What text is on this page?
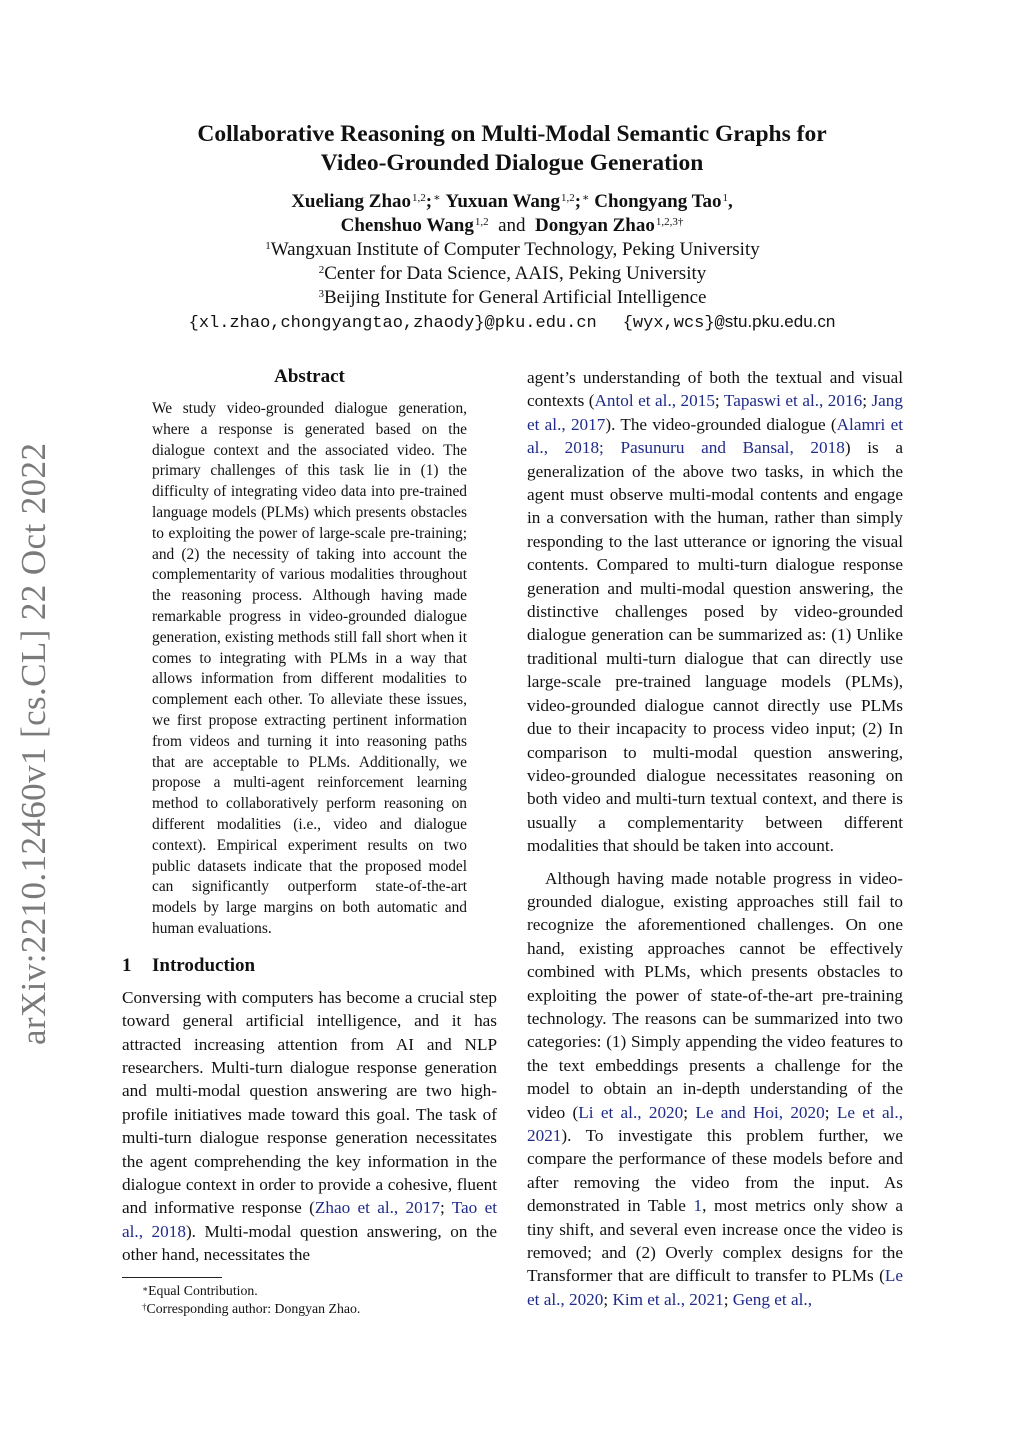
arXiv:2210.12460v1 [cs.CL] 22 Oct 2022
Collaborative Reasoning on Multi-Modal Semantic Graphs for
Video-Grounded Dialogue Generation
Xueliang Zhao$^{1,2}$;∗ Yuxuan Wang$^{1,2}$;∗ Chongyang Tao$^1$,
Chenshuo Wang$^{1,2}$ and Dongyan Zhao$^{1,2,3\dagger}$
$^1$Wangxuan Institute of Computer Technology, Peking University
$^2$Center for Data Science, AAIS, Peking University
$^3$Beijing Institute for General Artificial Intelligence
{xl.zhao,chongyangtao,zhaody}@pku.edu.cn {wyx,wcs}@stu.pku.edu.cn
Abstract

We study video-grounded dialogue generation, where a response is generated based on the dialogue context and the associated video. The primary challenges of this task lie in (1) the difficulty of integrating video data into pre-trained language models (PLMs) which presents obstacles to exploiting the power of large-scale pre-training; and (2) the necessity of taking into account the complementarity of various modalities throughout the reasoning process. Although having made remarkable progress in video-grounded dialogue generation, existing methods still fall short when it comes to integrating with PLMs in a way that allows information from different modalities to complement each other. To alleviate these issues, we first propose extracting pertinent information from videos and turning it into reasoning paths that are acceptable to PLMs. Additionally, we propose a multi-agent reinforcement learning method to collaboratively perform reasoning on different modalities (i.e., video and dialogue context). Empirical experiment results on two public datasets indicate that the proposed model can significantly outperform state-of-the-art models by large margins on both automatic and human evaluations.

1 Introduction

Conversing with computers has become a crucial step toward general artificial intelligence, and it has attracted increasing attention from AI and NLP researchers. Multi-turn dialogue response generation and multi-modal question answering are two high-profile initiatives made toward this goal. The task of multi-turn dialogue response generation necessitates the agent comprehending the key information in the dialogue context in order to provide a cohesive, fluent and informative response (Zhao et al., 2017; Tao et al., 2018). Multi-modal question answering, on the other hand, necessitates the

∗Equal Contribution.
†Corresponding author: Dongyan Zhao.

agent’s understanding of both the textual and visual contexts (Antol et al., 2015; Tapaswi et al., 2016; Jang et al., 2017). The video-grounded dialogue (Alamri et al., 2018; Pasunuru and Bansal, 2018) is a generalization of the above two tasks, in which the agent must observe multi-modal contents and engage in a conversation with the human, rather than simply responding to the last utterance or ignoring the visual contents. Compared to multi-turn dialogue response generation and multi-modal question answering, the distinctive challenges posed by video-grounded dialogue generation can be summarized as: (1) Unlike traditional multi-turn dialogue that can directly use large-scale pre-trained language models (PLMs), video-grounded dialogue cannot directly use PLMs due to their incapacity to process video input; (2) In comparison to multi-modal question answering, video-grounded dialogue necessitates reasoning on both video and multi-turn textual context, and there is usually a complementarity between different modalities that should be taken into account.

Although having made notable progress in video-grounded dialogue, existing approaches still fail to recognize the aforementioned challenges. On one hand, existing approaches cannot be effectively combined with PLMs, which presents obstacles to exploiting the power of state-of-the-art pre-training technology. The reasons can be summarized into two categories: (1) Simply appending the video features to the text embeddings presents a challenge for the model to obtain an in-depth understanding of the video (Li et al., 2020; Le and Hoi, 2020; Le et al., 2021). To investigate this problem further, we compare the performance of these models before and after removing the video from the input. As demonstrated in Table 1, most metrics only show a tiny shift, and several even increase once the video is removed; and (2) Overly complex designs for the Transformer that are difficult to transfer to PLMs (Le et al., 2020; Kim et al., 2021; Geng et al.,
